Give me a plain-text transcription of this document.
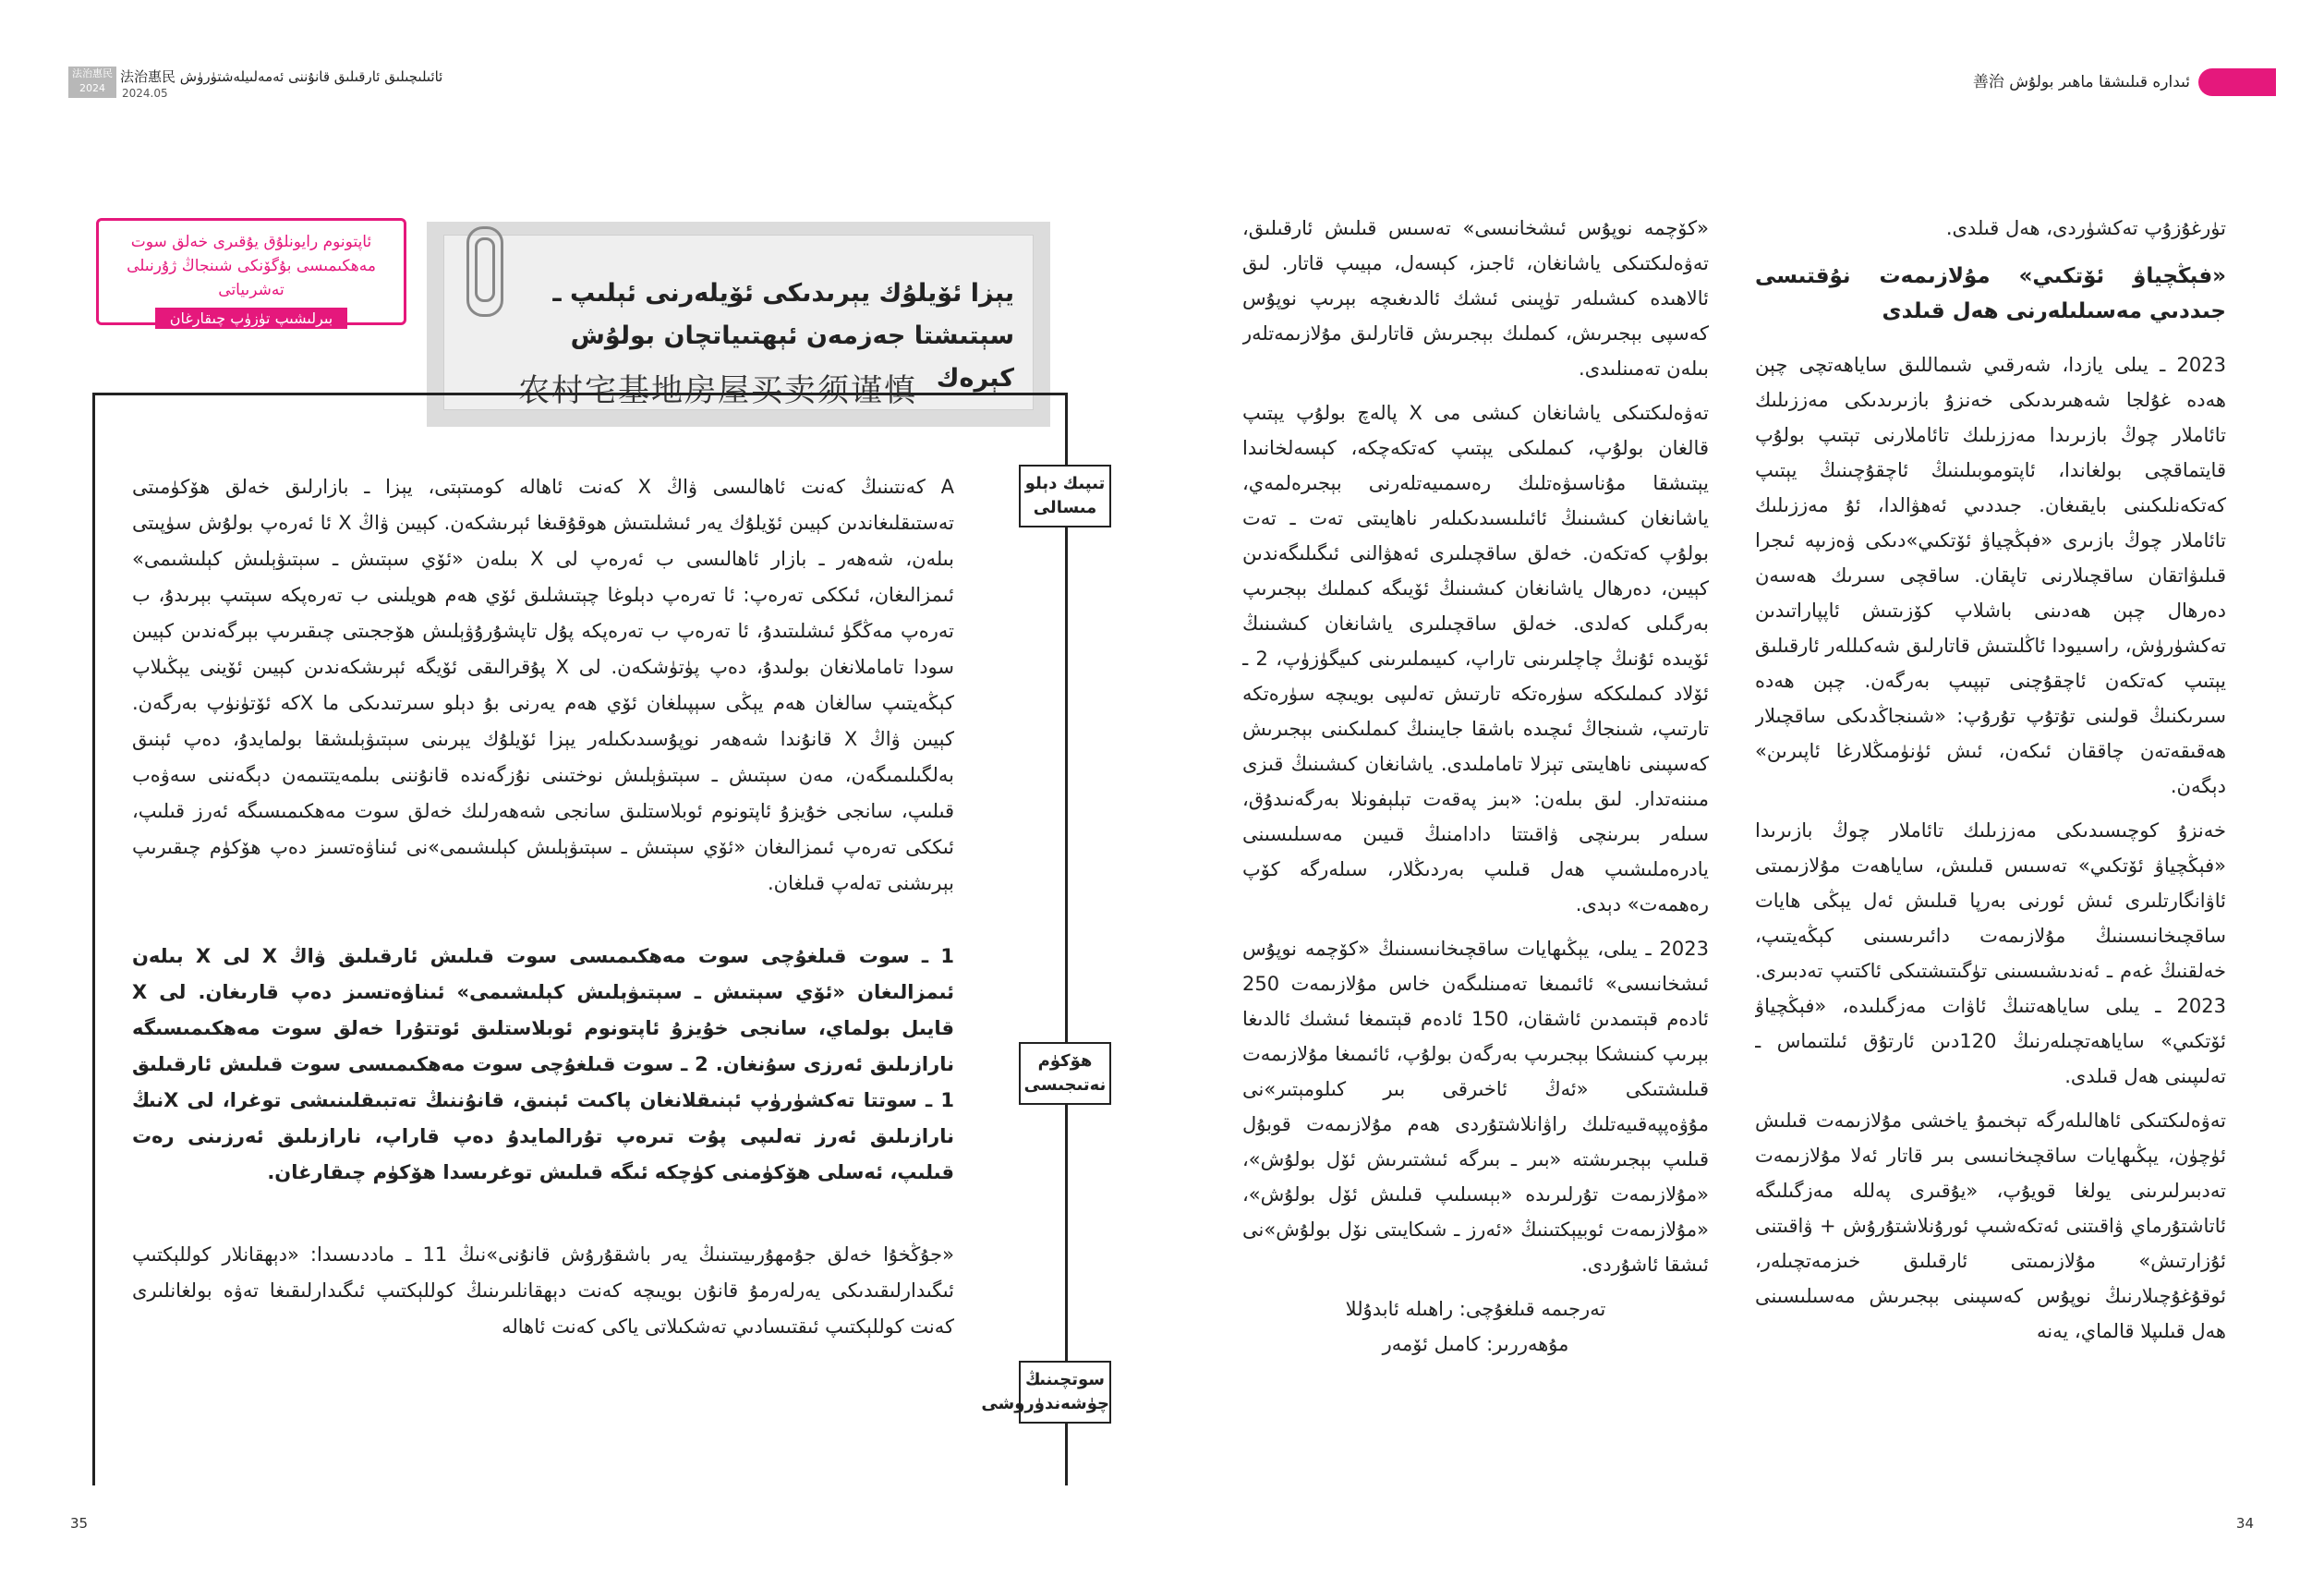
法治惠民
2024
ئائىلىچىلىق ئارقىلىق قانۇننى ئەمەلىيلەشتۈرۈش 法治惠民
2024.05
ئىدارە قىلىشقا ماھىر بولۇش 善治
ئاپتونوم رايونلۇق يۇقىرى خەلق سوت مەھكىمىسى بۇگۆنكى شىنجاڭ ژۇرنىلى تەشرىياتى
بىرلىشىپ تۈزۈپ چىقارغان
يېزا ئۆيلۇك يېرىدىكى ئۆيلەرنى ئېلىپ ـ سېتىشتا جەزمەن ئېھتىياتچان بولۇش كېرەك
农村宅基地房屋买卖须谨慎
تىپىك دېلو مىسالى
ھۆكۈم نەتىجىسى
سوتچىنىڭ چۈشەندۈرۈشى

A كەنتىنىڭ كەنت ئاھالىسى ۋاڭ X كەنت ئاھالە كومىتېتى، يېزا ـ بازارلىق خەلق ھۆكۈمىتى تەستىقلىغاندىن كېيىن ئۆيلۇك يەر ئىشلىتىش ھوقۇقىغا ئېرىشكەن. كېيىن ۋاڭ X ئا ئەرەپ بولۇش سۈپىتى بىلەن، شەھەر ـ بازار ئاھالىسى ب ئەرەپ لى X بىلەن «ئۆي سېتىش ـ سېتىۋېلىش كېلىشىمى» ئىمزالىغان، ئىككى تەرەپ: ئا تەرەپ دېلوغا چېتىشلىق ئۆي ھەم ھويلىنى ب تەرەپكە سېتىپ بېرىدۇ، ب تەرەپ مەڭگۈ ئىشلىتىدۇ، ئا تەرەپ ب تەرەپكە پۇل تاپشۇرۇۋېلىش ھۆججىتى چىقىرىپ بېرگەندىن كېيىن سودا تاماملانغان بولىدۇ، دەپ پۈتۈشكەن. لى X پۇقرالىقى ئۆيگە ئېرىشكەندىن كېيىن ئۆينى يېڭىلاپ كېڭەيتىپ سالغان ھەم يېڭى سېپىلغان ئۆي ھەم يەرنى بۇ دېلو سىرتىدىكى ما Xكە ئۆتۈنۈپ بەرگەن. كېيىن ۋاڭ X قانۇندا شەھەر نوپۇسىدىكىلەر يېزا ئۆيلۇك يېرىنى سېتىۋېلىشقا بولمايدۇ، دەپ ئېنىق بەلگىلىمىگەن، مەن سېتىش ـ سېتىۋېلىش نوختىنى نۇزگەندە قانۇننى بىلمەيتتىمەن دېگەننى سەۋەب قىلىپ، سانجى خۇيزۇ ئاپتونوم ئوبلاستلىق سانجى شەھەرلىك خەلق سوت مەھكىمىسىگە ئەرز قىلىپ، ئىككى تەرەپ ئىمزالىغان «ئۆي سېتىش ـ سېتىۋېلىش كېلىشىمى»نى ئىناۋەتسىز دەپ ھۆكۈم چىقىرىپ بېرىشنى تەلەپ قىلغان.

1 ـ سوت قىلغۇچى سوت مەھكىمىسى سوت قىلىش ئارقىلىق ۋاڭ X لى X بىلەن ئىمزالىغان «ئۆي سېتىش ـ سېتىۋېلىش كېلىشىمى» ئىناۋەتسىز دەپ قارىغان. لى X قايىل بولماي، سانجى خۇيزۇ ئاپتونوم ئوبلاستلىق ئوتتۇرا خەلق سوت مەھكىمىسىگە نارازىلىق ئەرزى سۇنغان. 2 ـ سوت قىلغۇچى سوت مەھكىمىسى سوت قىلىش ئارقىلىق 1 ـ سوتتا تەكشۈرۈپ ئېنىقلانغان پاكىت ئېنىق، قانۇننىڭ تەتبىقلىنىشى توغرا، لى Xنىڭ نارازىلىق ئەرز تەلىپى پۇت تىرەپ تۇرالمايدۇ دەپ قاراپ، نارازىلىق ئەرزىنى رەت قىلىپ، ئەسلى ھۆكۈمنى كۈچكە ئىگە قىلىش توغرىسدا ھۆكۈم چىقارغان.

«جۇڭخۇا خەلق جۇمھۇرىيىتىنىڭ يەر باشقۇرۇش قانۇنى»نىڭ 11 ـ ماددىسىدا: «دېھقانلار كوللېكتىپ ئىگىدارلىقىدىكى يەرلەرمۇ قانۇن بويىچە كەنت دېھقانلىرىنىڭ كوللېكتىپ ئىگىدارلىقىغا تەۋە بولغانلىرى كەنت كوللېكتىپ ئىقتىسادىي تەشكىلاتى ياكى كەنت ئاھالە

«كۆچمە نوپۇس ئىشخانىسى» تەسىس قىلىش ئارقىلىق، تەۋەلىكتىكى ياشانغان، ئاجىز، كېسەل، مېيىپ قاتار. لىق ئالاھىدە كىشىلەر تۈپىنى ئىشك ئالدىغىچە بېرىپ نوپۇس كەسپى بېجىرىش، كىملىك بېجىرىش قاتارلىق مۇلازىمەتلەر بىلەن تەمىنلىدى.

تەۋەلىكتىكى ياشانغان كىشى مى X پالەچ بولۇپ يېتىپ قالغان بولۇپ، كىملىكى يېتىپ كەتكەچكە، كېسەلخانىدا يېتىشقا مۇناسىۋەتلىك رەسمىيەتلەرنى بېجىرەلمەي، ياشانغان كىشىنىڭ ئائىلىسىدىكىلەر ناھايىتى تەت ـ تەت بولۇپ كەتكەن. خەلق ساقچىلىرى ئەھۋالنى ئىگىلىگەندىن كېيىن، دەرھال ياشانغان كىشىنىڭ ئۆيىگە كىملىك بېجىرىپ بەرگىلى كەلدى. خەلق ساقچىلىرى ياشانغان كىشىنىڭ ئۆيىدە ئۇنىڭ چاچلىرىنى تاراپ، كىيىملىرىنى كىيگۈزۈپ، 2 ـ ئۆلاد كىملىككە سۈرەتكە تارتىش تەلىپى بويىچە سۈرەتكە تارتىپ، شىنجاڭ ئىچىدە باشقا جايىنىڭ كىملىكىنى بېجىرىش كەسپىنى ناھايىتى تېزلا تاماملىدى. ياشانغان كىشىنىڭ قىزى مىننەتدار. لىق بىلەن: «بىز پەقەت تېلېفونلا بەرگەنىدۇق، سىلەر بىرىنچى ۋاقىتتا دادامنىڭ قىيىن مەسىلىسىنى يادرەملىشىپ ھەل قىلىپ بەردىڭلار، سىلەرگە كۆپ رەھمەت» دېدى.

2023 ـ يىلى، يېڭىھايات ساقچىخانىسىنىڭ «كۆچمە نوپۇس ئىشخانىسى» ئائىمىغا تەمىنلىگەن خاس مۇلازىمەت 250 ئادەم قېتىمدىن ئاشقان، 150 ئادەم قېتىمغا ئىشىك ئالدىغا بېرىپ كىنىشكا بېجىرىپ بەرگەن بولۇپ، ئائىمىغا مۇلازىمەت قىلىشتىكى «ئەڭ ئاخىرقى بىر كىلومېتىر»نى مۇۋەپپەقىيەتلىك راۋانلاشتۇردى ھەم مۇلازىمەت قوبۇل قىلىپ بېجىرىشتە «بىر ـ بىرگە ئىشتىرىش ئۆل بولۇش»، «مۇلازىمەت تۇرلىرىدە «بېسىلىپ قىلىش ئۆل بولۇش»، «مۇلازىمەت ئوبيېكتىنىڭ «ئەرز ـ شىكايىتى نۆل بولۇش»نى ئىشقا ئاشۇردى.

تەرجىمە قىلغۇچى: راھىلە ئابدۇللا

مۇھەررىر: كامىل ئۆمەر

تۈرغۇزۇپ تەكشۈردى، ھەل قىلدى.

«فېڭچياۋ ئۆتكىي» مۇلازىمەت نۇقتىسى جىددىي مەسىلىلەرنى ھەل قىلدى

2023 ـ يىلى يازدا، شەرقىي شىماللىق ساياھەتچى چېن ھەدە غۇلجا شەھىرىدىكى خەنزۇ بازىرىدىكى مەززىلىك تائاملار چوڭ بازىرىدا مەززىلىك تائاملارنى تېتىپ بولۇپ قايتماقچى بولغاندا، ئاپتوموبىلىنىڭ ئاچقۇچىنىڭ يېتىپ كەتكەنلىكىنى بايقىغان. جىددىي ئەھۋالدا، ئۇ مەززىلىك تائاملار چوڭ بازىرى «فېڭچياۋ ئۆتكىي»دىكى ۋەزىپە ئىجرا قىلىۋاتقان ساقچىلارنى تاپقان. ساقچى سىرىك ھەسەن دەرھال چېن ھەدىنى باشلاپ كۆزىتىش ئاپپاراتىدىن تەكشۈرۈش، راسىيودا ئاڭلىتىش قاتارلىق شەكىللەر ئارقىلىق يېتىپ كەتكەن ئاچقۇچنى تېپىپ بەرگەن. چېن ھەدە سىرىكنىڭ قولىنى تۇتۇپ تۇرۇپ: «شىنجاڭدىكى ساقچىلار ھەقىقەتەن چاققان ئىكەن، ئىش ئۈنۈمىڭلارغا ئاپىرىن» دېگەن.

خەنزۇ كوچىسىدىكى مەززىلىك تائاملار چوڭ بازىرىدا «فېڭچياۋ ئۆتكىي» تەسىس قىلىش، ساياھەت مۇلازىمىتى ئاۋانگارتلىرى ئىش ئورنى بەرپا قىلىش ئەل يېڭى ھايات ساقچىخانىسىنىڭ مۇلازىمەت دائىرىسىنى كېڭەيتىپ، خەلقنىڭ غەم ـ ئەندىشىسىنى تۈگىتىشتىكى ئاكتىپ تەدبىرى. 2023 ـ يىلى ساياھەتنىڭ ئاۋات مەزگىلىدە، «فېڭچياۋ ئۆتكىي» ساياھەتچىلەرنىڭ 120دىن ئارتۇق ئىلتىماس ـ تەلىپىنى ھەل قىلدى.

تەۋەلىكتىكى ئاھالىلەرگە تېخىمۇ ياخشى مۇلازىمەت قىلىش ئۈچۈن، يېڭىھايات ساقچىخانىسى بىر قاتار ئەلا مۇلازىمەت تەدبىرلىرىنى يولغا قويۇپ، «يۇقىرى پەللە مەزگىلىگە ئاتاشتۇرماي ۋاقىتنى ئەتكەشىپ ئورۇنلاشتۇرۇش + ۋاقىتنى ئۇزارتىش» مۇلازىمىتى ئارقىلىق خىزمەتچىلەر، ئوقۇغۇچىلارنىڭ نوپۇس كەسپىنى بېجىرىش مەسىلىسىنى ھەل قىلىپلا قالماي، يەنە

35	34
